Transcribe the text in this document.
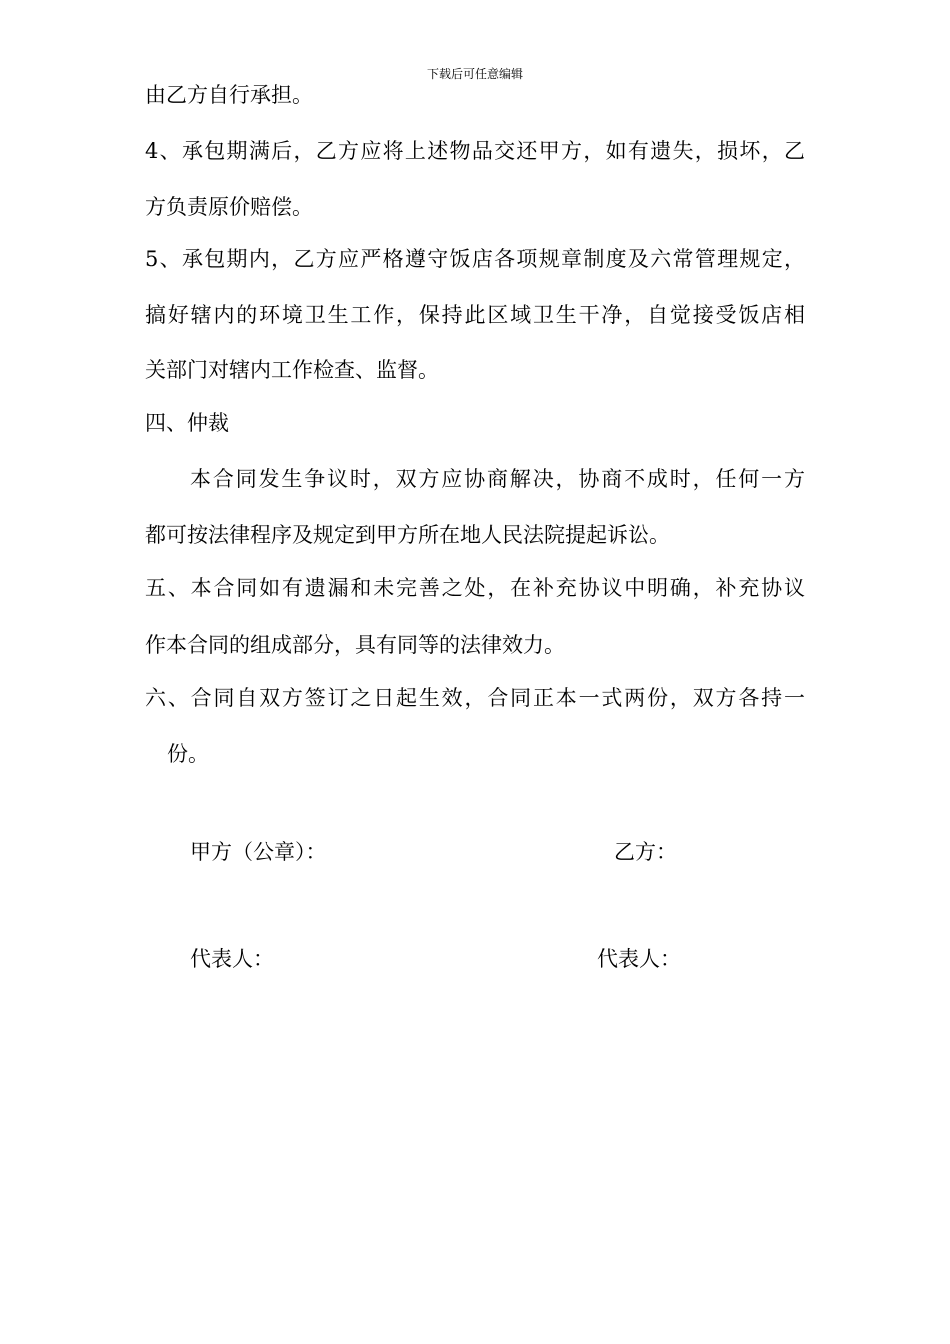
下载后可任意编辑
由乙方自行承担。
4、承包期满后，乙方应将上述物品交还甲方，如有遗失，损坏，乙
方负责原价赔偿。
5、承包期内，乙方应严格遵守饭店各项规章制度及六常管理规定，
搞好辖内的环境卫生工作，保持此区域卫生干净，自觉接受饭店相
关部门对辖内工作检查、监督。
四、仲裁
本合同发生争议时，双方应协商解决，协商不成时，任何一方
都可按法律程序及规定到甲方所在地人民法院提起诉讼。
五、本合同如有遗漏和未完善之处，在补充协议中明确，补充协议
作本合同的组成部分，具有同等的法律效力。
六、合同自双方签订之日起生效，合同正本一式两份，双方各持一
份。
甲方（公章）：	乙方：
代表人：	代表人：
